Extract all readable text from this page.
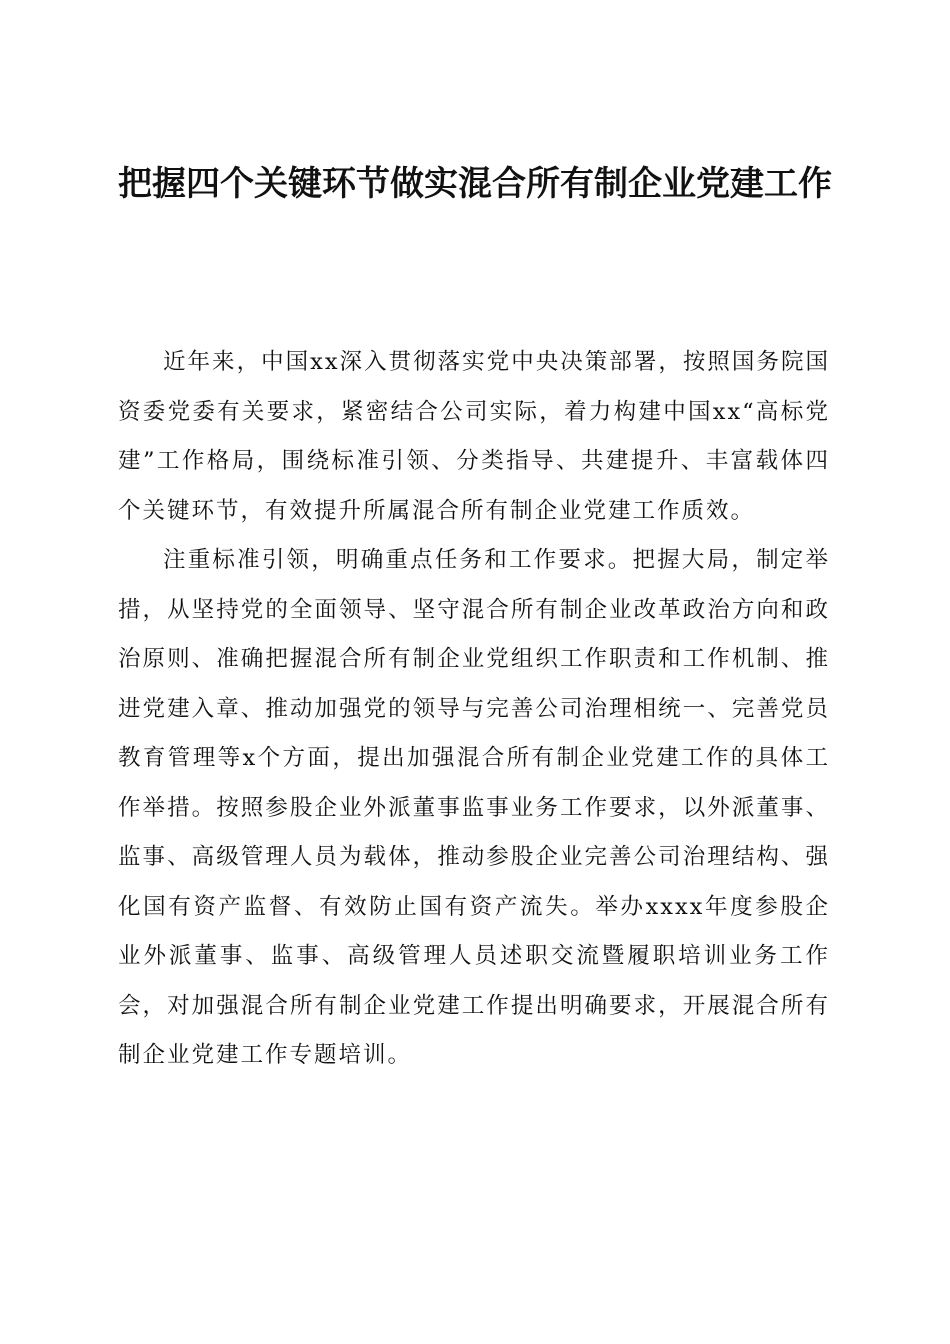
把握四个关键环节做实混合所有制企业党建工作

近年来，中国xx深入贯彻落实党中央决策部署，按照国务院国资委党委有关要求，紧密结合公司实际，着力构建中国xx“高标党建”工作格局，围绕标准引领、分类指导、共建提升、丰富载体四个关键环节，有效提升所属混合所有制企业党建工作质效。

注重标准引领，明确重点任务和工作要求。把握大局，制定举措，从坚持党的全面领导、坚守混合所有制企业改革政治方向和政治原则、准确把握混合所有制企业党组织工作职责和工作机制、推进党建入章、推动加强党的领导与完善公司治理相统一、完善党员教育管理等x个方面，提出加强混合所有制企业党建工作的具体工作举措。按照参股企业外派董事监事业务工作要求，以外派董事、监事、高级管理人员为载体，推动参股企业完善公司治理结构、强化国有资产监督、有效防止国有资产流失。举办xxxx年度参股企业外派董事、监事、高级管理人员述职交流暨履职培训业务工作会，对加强混合所有制企业党建工作提出明确要求，开展混合所有制企业党建工作专题培训。
